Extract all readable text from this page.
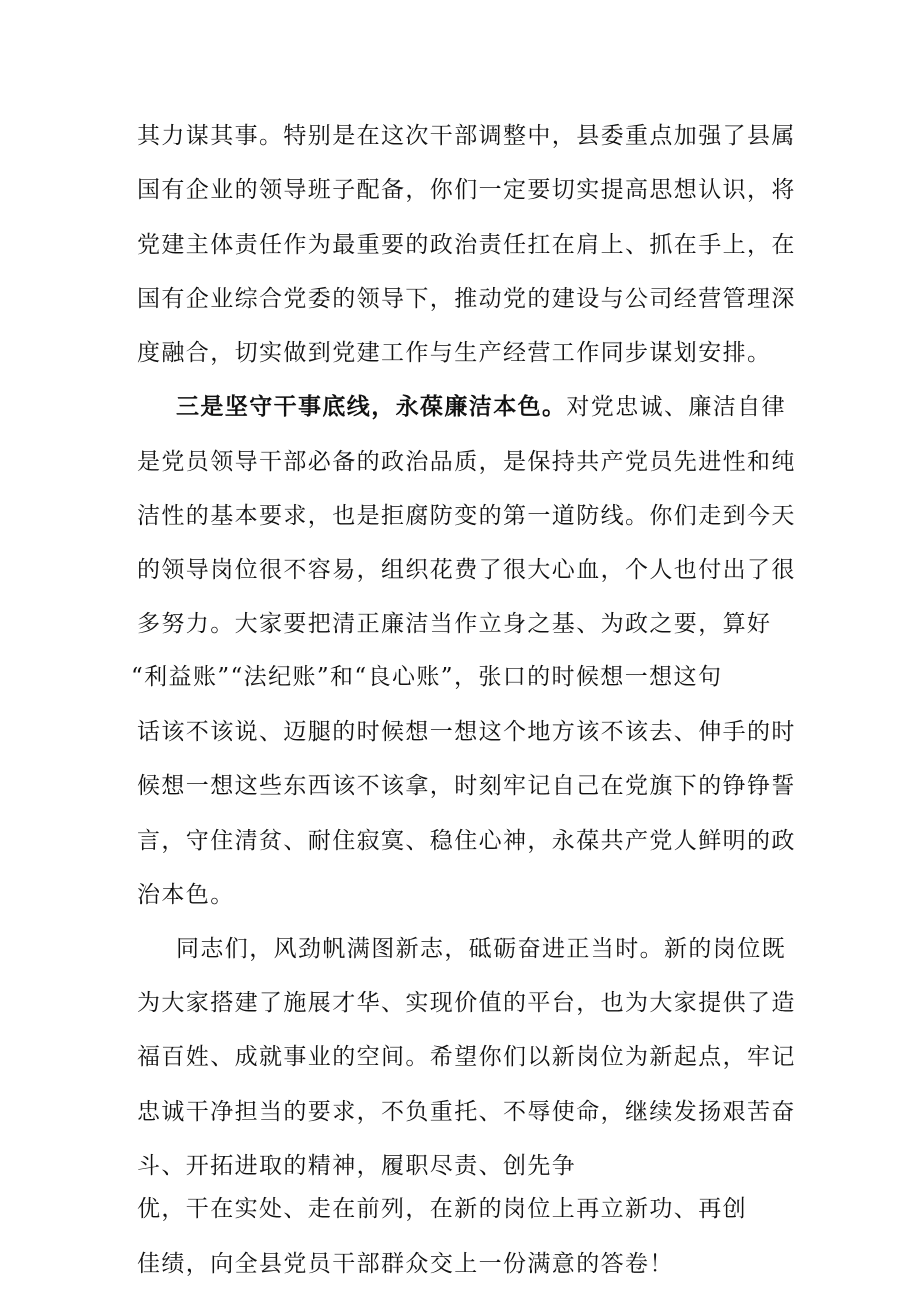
其力谋其事。特别是在这次干部调整中，县委重点加强了县属
国有企业的领导班子配备，你们一定要切实提高思想认识，将
党建主体责任作为最重要的政治责任扛在肩上、抓在手上，在
国有企业综合党委的领导下，推动党的建设与公司经营管理深
度融合，切实做到党建工作与生产经营工作同步谋划安排。
三是坚守干事底线，永葆廉洁本色。对党忠诚、廉洁自律
是党员领导干部必备的政治品质，是保持共产党员先进性和纯
洁性的基本要求，也是拒腐防变的第一道防线。你们走到今天
的领导岗位很不容易，组织花费了很大心血，个人也付出了很
多努力。大家要把清正廉洁当作立身之基、为政之要，算好
“利益账”“法纪账”和“良心账”，张口的时候想一想这句
话该不该说、迈腿的时候想一想这个地方该不该去、伸手的时
候想一想这些东西该不该拿，时刻牢记自己在党旗下的铮铮誓
言，守住清贫、耐住寂寞、稳住心神，永葆共产党人鲜明的政
治本色。
同志们，风劲帆满图新志，砥砺奋进正当时。新的岗位既
为大家搭建了施展才华、实现价值的平台，也为大家提供了造
福百姓、成就事业的空间。希望你们以新岗位为新起点，牢记
忠诚干净担当的要求，不负重托、不辱使命，继续发扬艰苦奋
斗、开拓进取的精神，履职尽责、创先争
优，干在实处、走在前列，在新的岗位上再立新功、再创
佳绩，向全县党员干部群众交上一份满意的答卷！
